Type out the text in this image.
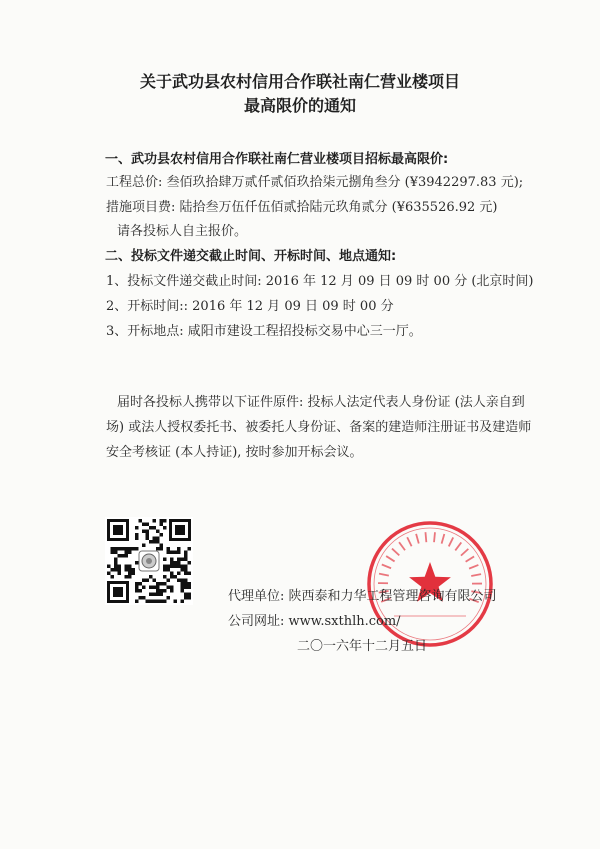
关于武功县农村信用合作联社南仁营业楼项目
最高限价的通知
一、武功县农村信用合作联社南仁营业楼项目招标最高限价:
工程总价: 叁佰玖拾肆万贰仟贰佰玖拾柒元捌角叁分 (¥3942297.83 元);
措施项目费: 陆拾叁万伍仟伍佰贰拾陆元玖角贰分 (¥635526.92 元)
请各投标人自主报价。
二、投标文件递交截止时间、开标时间、地点通知:
1、投标文件递交截止时间: 2016 年 12 月 09 日 09 时 00 分 (北京时间)
2、开标时间:: 2016 年 12 月 09 日 09 时 00 分
3、开标地点: 咸阳市建设工程招投标交易中心三一厅。
届时各投标人携带以下证件原件: 投标人法定代表人身份证 (法人亲自到
场) 或法人授权委托书、被委托人身份证、备案的建造师注册证书及建造师
安全考核证 (本人持证), 按时参加开标会议。
代理单位: 陕西泰和力华工程管理咨询有限公司
公司网址: www.sxthlh.com/
二〇一六年十二月五日
